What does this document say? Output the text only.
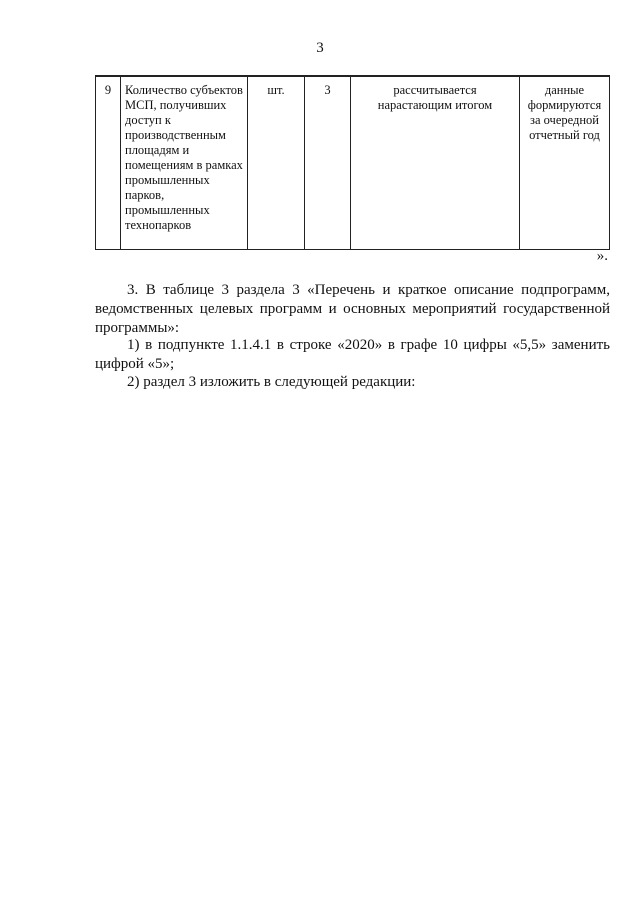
3
9	Количество субъектов МСП, получивших доступ к производственным площадям и помещениям в рамках промышленных парков, промышленных технопарков	шт.	3	рассчитывается нарастающим итогом	данные формируются за очередной отчетный год
».

3. В таблице 3 раздела 3 «Перечень и краткое описание подпрограмм, ведомственных целевых программ и основных мероприятий государственной программы»:

1) в подпункте 1.1.4.1 в строке «2020» в графе 10 цифры «5,5» заменить цифрой «5»;

2) раздел 3 изложить в следующей редакции:
